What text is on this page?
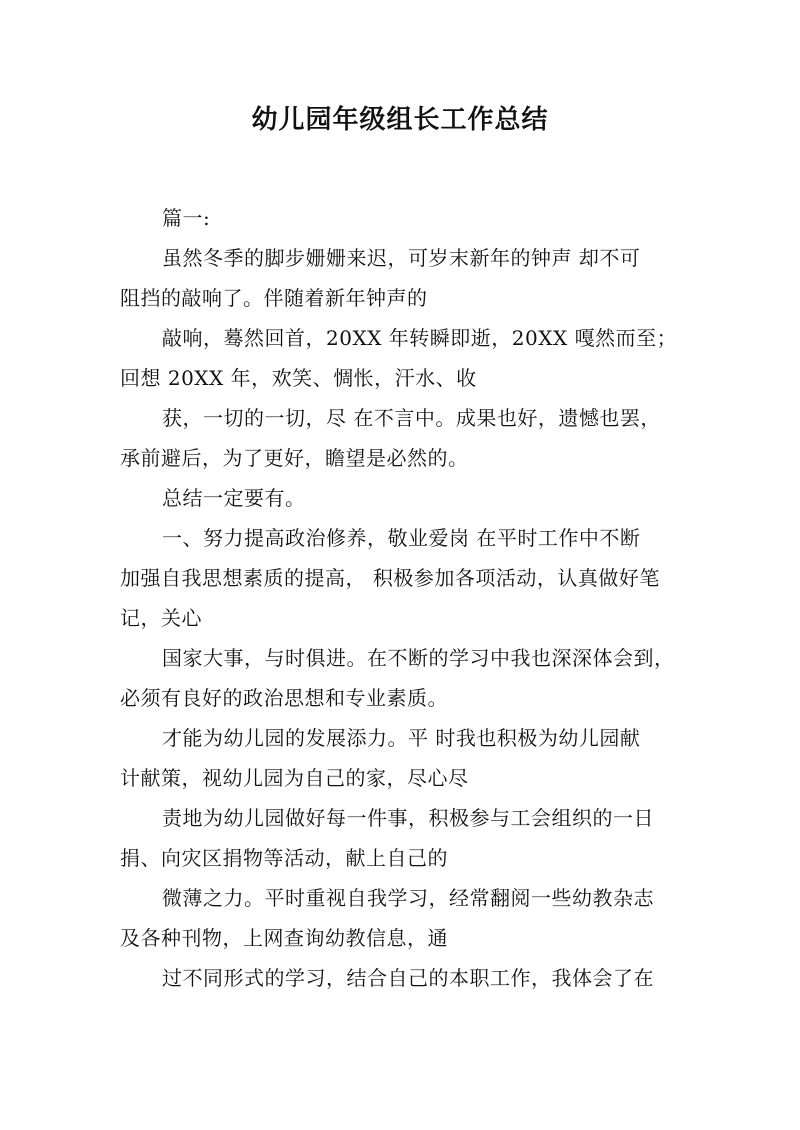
幼儿园年级组长工作总结
篇一:
虽然冬季的脚步姗姗来迟，可岁末新年的钟声 却不可
阻挡的敲响了。伴随着新年钟声的
敲响，蓦然回首，20XX 年转瞬即逝，20XX 嘎然而至；
回想 20XX 年，欢笑、惆怅，汗水、收
获，一切的一切，尽 在不言中。成果也好，遗憾也罢，
承前避后，为了更好，瞻望是必然的。
总结一定要有。
一、努力提高政治修养，敬业爱岗 在平时工作中不断
加强自我思想素质的提高， 积极参加各项活动，认真做好笔
记，关心
国家大事，与时俱进。在不断的学习中我也深深体会到，
必须有良好的政治思想和专业素质。
才能为幼儿园的发展添力。平 时我也积极为幼儿园献
计献策，视幼儿园为自己的家，尽心尽
责地为幼儿园做好每一件事，积极参与工会组织的一日
捐、向灾区捐物等活动，献上自己的
微薄之力。平时重视自我学习，经常翻阅一些幼教杂志
及各种刊物，上网查询幼教信息，通
过不同形式的学习，结合自己的本职工作，我体会了在
